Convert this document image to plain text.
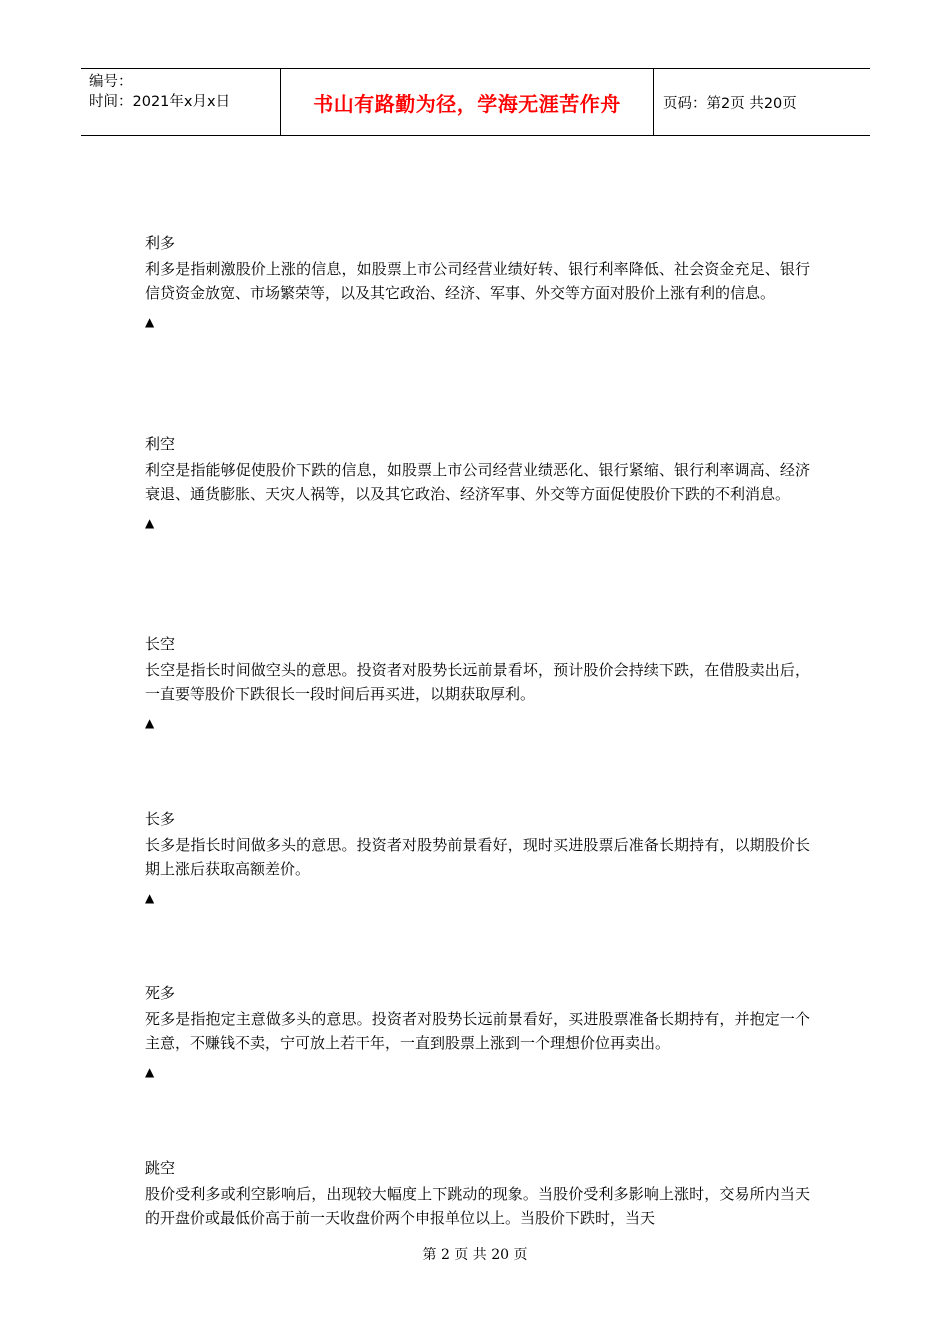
编号：
时间：2021年x月x日	书山有路勤为径，学海无涯苦作舟	页码：第2页 共20页
利多
利多是指刺激股价上涨的信息，如股票上市公司经营业绩好转、银行利率降低、社会资金充足、银行信贷资金放宽、市场繁荣等，以及其它政治、经济、军事、外交等方面对股价上涨有利的信息。
▲
利空
利空是指能够促使股价下跌的信息，如股票上市公司经营业绩恶化、银行紧缩、银行利率调高、经济衰退、通货膨胀、天灾人祸等，以及其它政治、经济军事、外交等方面促使股价下跌的不利消息。
▲
长空
长空是指长时间做空头的意思。投资者对股势长远前景看坏，预计股价会持续下跌，在借股卖出后，一直要等股价下跌很长一段时间后再买进，以期获取厚利。
▲
长多
长多是指长时间做多头的意思。投资者对股势前景看好，现时买进股票后准备长期持有，以期股价长期上涨后获取高额差价。
▲
死多
死多是指抱定主意做多头的意思。投资者对股势长远前景看好，买进股票准备长期持有，并抱定一个主意，不赚钱不卖，宁可放上若干年，一直到股票上涨到一个理想价位再卖出。
▲
跳空
股价受利多或利空影响后，出现较大幅度上下跳动的现象。当股价受利多影响上涨时，交易所内当天的开盘价或最低价高于前一天收盘价两个申报单位以上。当股价下跌时，当天
第 2 页 共 20 页
